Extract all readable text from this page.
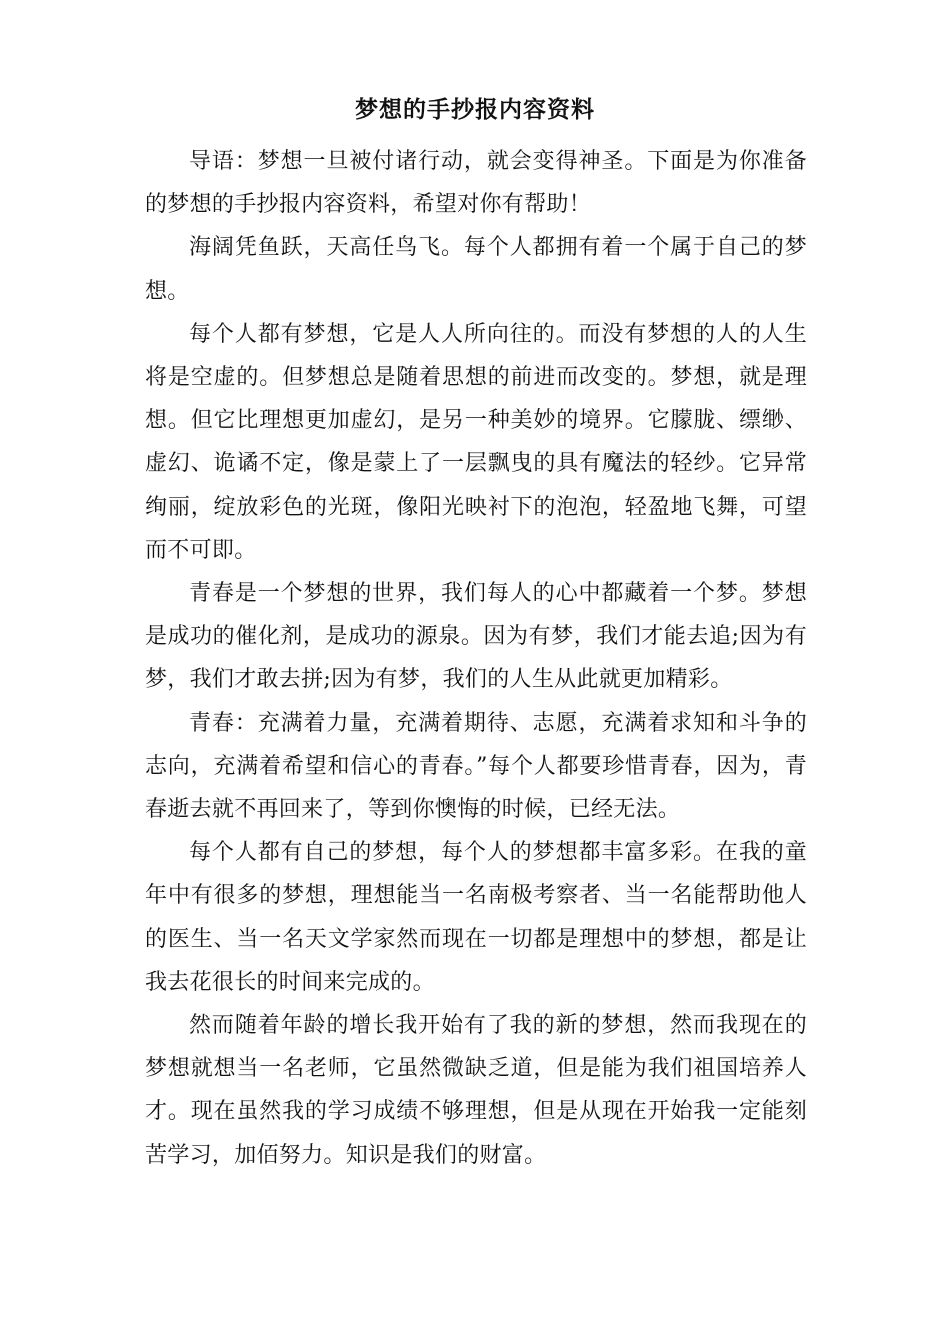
梦想的手抄报内容资料

导语：梦想一旦被付诸行动，就会变得神圣。下面是为你准备的梦想的手抄报内容资料，希望对你有帮助！

海阔凭鱼跃，天高任鸟飞。每个人都拥有着一个属于自己的梦想。

每个人都有梦想，它是人人所向往的。而没有梦想的人的人生将是空虚的。但梦想总是随着思想的前进而改变的。梦想，就是理想。但它比理想更加虚幻，是另一种美妙的境界。它朦胧、缥缈、虚幻、诡谲不定，像是蒙上了一层飘曳的具有魔法的轻纱。它异常绚丽，绽放彩色的光斑，像阳光映衬下的泡泡，轻盈地飞舞，可望而不可即。

青春是一个梦想的世界，我们每人的心中都藏着一个梦。梦想是成功的催化剂，是成功的源泉。因为有梦，我们才能去追;因为有梦，我们才敢去拼;因为有梦，我们的人生从此就更加精彩。

青春：充满着力量，充满着期待、志愿，充满着求知和斗争的志向，充满着希望和信心的青春。”每个人都要珍惜青春，因为，青春逝去就不再回来了，等到你懊悔的时候，已经无法。

每个人都有自己的梦想，每个人的梦想都丰富多彩。在我的童年中有很多的梦想，理想能当一名南极考察者、当一名能帮助他人的医生、当一名天文学家然而现在一切都是理想中的梦想，都是让我去花很长的时间来完成的。

然而随着年龄的增长我开始有了我的新的梦想，然而我现在的梦想就想当一名老师，它虽然微缺乏道，但是能为我们祖国培养人才。现在虽然我的学习成绩不够理想，但是从现在开始我一定能刻苦学习，加佰努力。知识是我们的财富。
